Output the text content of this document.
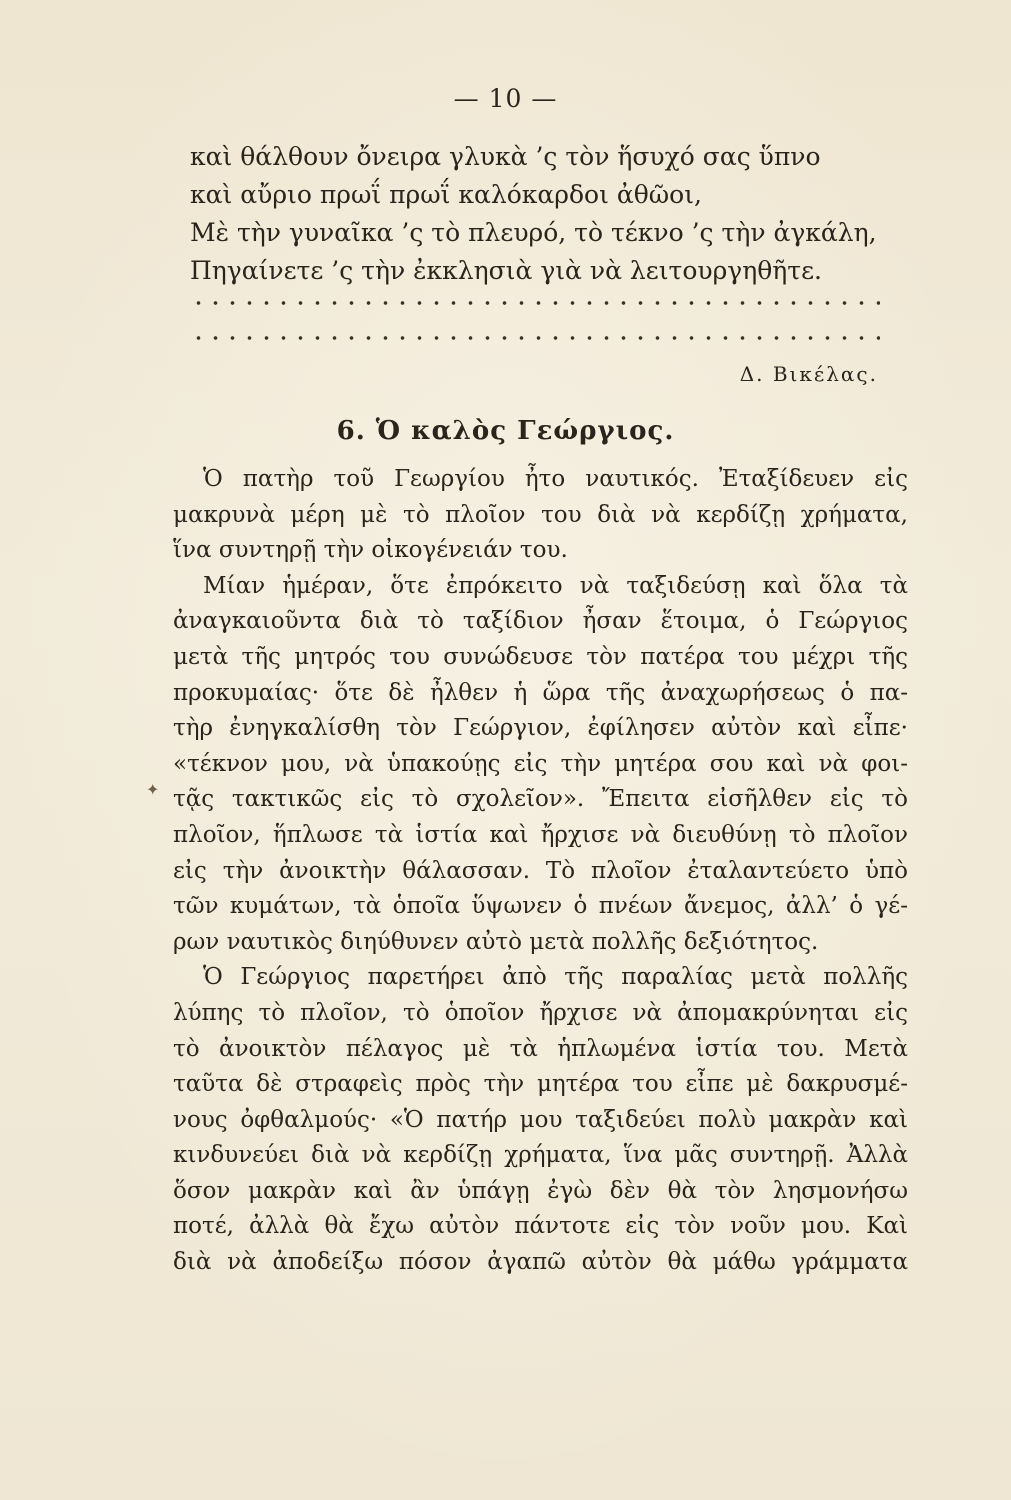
— 10 —
καὶ θάλθουν ὄνειρα γλυκὰ ’ς τὸν ἥσυχό σας ὕπνο
καὶ αὔριο πρωΐ πρωΐ καλόκαρδοι ἀθῶοι,
Μὲ τὴν γυναῖκα ’ς τὸ πλευρό, τὸ τέκνο ’ς τὴν ἀγκάλη,
Πηγαίνετε ’ς τὴν ἐκκλησιὰ γιὰ νὰ λειτουργηθῆτε.
Δ. Βικέλας.
6. Ὁ καλὸς Γεώργιος.
✦
Ὁ πατὴρ τοῦ Γεωργίου ἦτο ναυτικός. Ἐταξίδευεν εἰς
μακρυνὰ μέρη μὲ τὸ πλοῖον του διὰ νὰ κερδίζῃ χρήματα,
ἵνα συντηρῇ τὴν οἰκογένειάν του.
Μίαν ἡμέραν, ὅτε ἐπρόκειτο νὰ ταξιδεύσῃ καὶ ὅλα τὰ
ἀναγκαιοῦντα διὰ τὸ ταξίδιον ἦσαν ἕτοιμα, ὁ Γεώργιος
μετὰ τῆς μητρός του συνώδευσε τὸν πατέρα του μέχρι τῆς
προκυμαίας· ὅτε δὲ ἦλθεν ἡ ὥρα τῆς ἀναχωρήσεως ὁ πα-
τὴρ ἐνηγκαλίσθη τὸν Γεώργιον, ἐφίλησεν αὐτὸν καὶ εἶπε·
«τέκνον μου, νὰ ὑπακούῃς εἰς τὴν μητέρα σου καὶ νὰ φοι-
τᾷς τακτικῶς εἰς τὸ σχολεῖον». Ἔπειτα εἰσῆλθεν εἰς τὸ
πλοῖον, ἥπλωσε τὰ ἱστία καὶ ἤρχισε νὰ διευθύνῃ τὸ πλοῖον
εἰς τὴν ἀνοικτὴν θάλασσαν. Τὸ πλοῖον ἐταλαντεύετο ὑπὸ
τῶν κυμάτων, τὰ ὁποῖα ὕψωνεν ὁ πνέων ἄνεμος, ἀλλ’ ὁ γέ-
ρων ναυτικὸς διηύθυνεν αὐτὸ μετὰ πολλῆς δεξιότητος.
Ὁ Γεώργιος παρετήρει ἀπὸ τῆς παραλίας μετὰ πολλῆς
λύπης τὸ πλοῖον, τὸ ὁποῖον ἤρχισε νὰ ἀπομακρύνηται εἰς
τὸ ἀνοικτὸν πέλαγος μὲ τὰ ἡπλωμένα ἱστία του. Μετὰ
ταῦτα δὲ στραφεὶς πρὸς τὴν μητέρα του εἶπε μὲ δακρυσμέ-
νους ὀφθαλμούς· «Ὁ πατήρ μου ταξιδεύει πολὺ μακρὰν καὶ
κινδυνεύει διὰ νὰ κερδίζῃ χρήματα, ἵνα μᾶς συντηρῇ. Ἀλλὰ
ὅσον μακρὰν καὶ ἂν ὑπάγῃ ἐγὼ δὲν θὰ τὸν λησμονήσω
ποτέ, ἀλλὰ θὰ ἔχω αὐτὸν πάντοτε εἰς τὸν νοῦν μου. Καὶ
διὰ νὰ ἀποδείξω πόσον ἀγαπῶ αὐτὸν θὰ μάθω γράμματα
